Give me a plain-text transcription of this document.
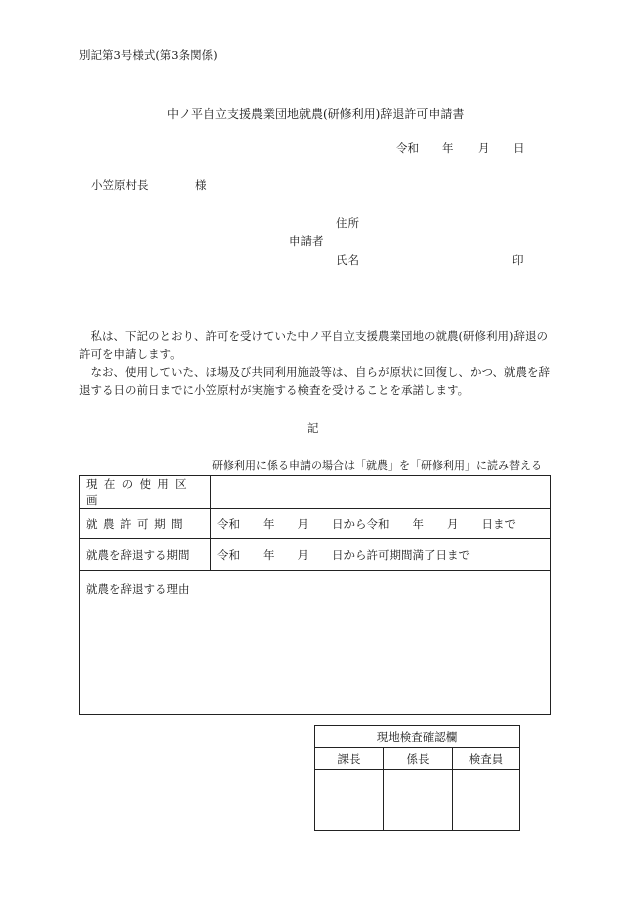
別記第3号様式(第3条関係)
中ノ平自立支援農業団地就農(研修利用)辞退許可申請書
令和 年 月 日
小笠原村長	様
住所
申請者
氏名	印

私は、下記のとおり、許可を受けていた中ノ平自立支援農業団地の就農(研修利用)辞退の許可を申請します。

なお、使用していた、ほ場及び共同利用施設等は、自らが原状に回復し、かつ、就農を辞退する日の前日までに小笠原村が実施する検査を受けることを承諾します。

記
研修利用に係る申請の場合は「就農」を「研修利用」に読み替える
現在の使用区画	
就農許可期間	令和　　年　　月　　日から令和　　年　　月　　日まで
就農を辞退する期間	令和　　年　　月　　日から許可期間満了日まで
就農を辞退する理由	
現地検査確認欄		
課長	係長	検査員
